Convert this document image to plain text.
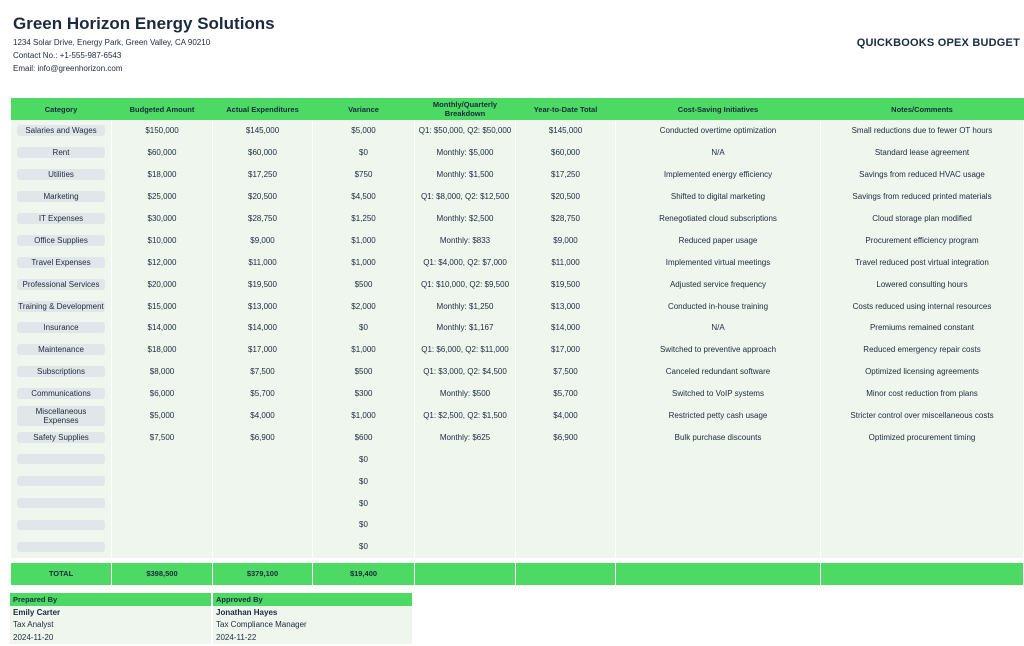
Green Horizon Energy Solutions
1234 Solar Drive, Energy Park, Green Valley, CA 90210
Contact No.: +1-555-987-6543
Email: info@greenhorizon.com
QUICKBOOKS OPEX BUDGET
Category	Budgeted Amount	Actual Expenditures	Variance	Monthly/Quarterly Breakdown	Year-to-Date Total	Cost-Saving Initiatives	Notes/Comments
Salaries and Wages	$150,000	$145,000	$5,000	Q1: $50,000, Q2: $50,000	$145,000	Conducted overtime optimization	Small reductions due to fewer OT hours
Rent	$60,000	$60,000	$0	Monthly: $5,000	$60,000	N/A	Standard lease agreement
Utilities	$18,000	$17,250	$750	Monthly: $1,500	$17,250	Implemented energy efficiency	Savings from reduced HVAC usage
Marketing	$25,000	$20,500	$4,500	Q1: $8,000, Q2: $12,500	$20,500	Shifted to digital marketing	Savings from reduced printed materials
IT Expenses	$30,000	$28,750	$1,250	Monthly: $2,500	$28,750	Renegotiated cloud subscriptions	Cloud storage plan modified
Office Supplies	$10,000	$9,000	$1,000	Monthly: $833	$9,000	Reduced paper usage	Procurement efficiency program
Travel Expenses	$12,000	$11,000	$1,000	Q1: $4,000, Q2: $7,000	$11,000	Implemented virtual meetings	Travel reduced post virtual integration
Professional Services	$20,000	$19,500	$500	Q1: $10,000, Q2: $9,500	$19,500	Adjusted service frequency	Lowered consulting hours
Training & Development	$15,000	$13,000	$2,000	Monthly: $1,250	$13,000	Conducted in-house training	Costs reduced using internal resources
Insurance	$14,000	$14,000	$0	Monthly: $1,167	$14,000	N/A	Premiums remained constant
Maintenance	$18,000	$17,000	$1,000	Q1: $6,000, Q2: $11,000	$17,000	Switched to preventive approach	Reduced emergency repair costs
Subscriptions	$8,000	$7,500	$500	Q1: $3,000, Q2: $4,500	$7,500	Canceled redundant software	Optimized licensing agreements
Communications	$6,000	$5,700	$300	Monthly: $500	$5,700	Switched to VoIP systems	Minor cost reduction from plans
Miscellaneous Expenses	$5,000	$4,000	$1,000	Q1: $2,500, Q2: $1,500	$4,000	Restricted petty cash usage	Stricter control over miscellaneous costs
Safety Supplies	$7,500	$6,900	$600	Monthly: $625	$6,900	Bulk purchase discounts	Optimized procurement timing
			$0				
			$0				
			$0				
			$0				
			$0				
TOTAL	$398,500	$379,100	$19,400				
Prepared By	Approved By
Emily Carter	Jonathan Hayes
Tax Analyst	Tax Compliance Manager
2024-11-20	2024-11-22
